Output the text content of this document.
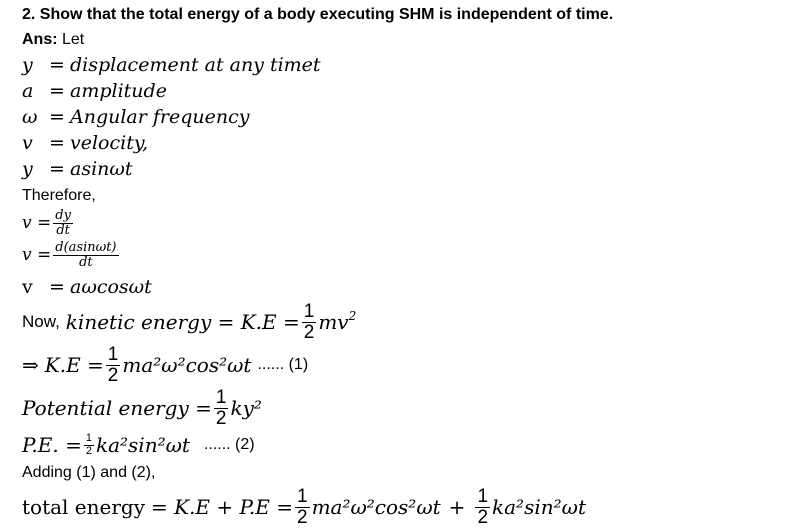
2. Show that the total energy of a body executing SHM is independent of time.
Ans: Let
y = displacement at any timet
a = amplitude
ω = Angular frequency
v = velocity,
y = asinωt
Therefore,
$v = \frac{dy}{dt}$
$v = \frac{d(asin\omega t)}{dt}$
v = aωcosωt
Now, kinetic energy = $K.E = \frac{1}{2} mv^2$
⇒ $K.E = \frac{1}{2} ma^2\omega^2\cos^2\omega t$ ...... (1)
Potential energy = $\frac{1}{2} ky^2$
P.E. = $\frac{1}{2} ka^2\sin^2\omega t$ ...... (2)
Adding (1) and (2),
total energy = $K.E + P.E = \frac{1}{2} ma^2\omega^2\cos^2\omega t + \frac{1}{2} ka^2\sin^2\omega t$
